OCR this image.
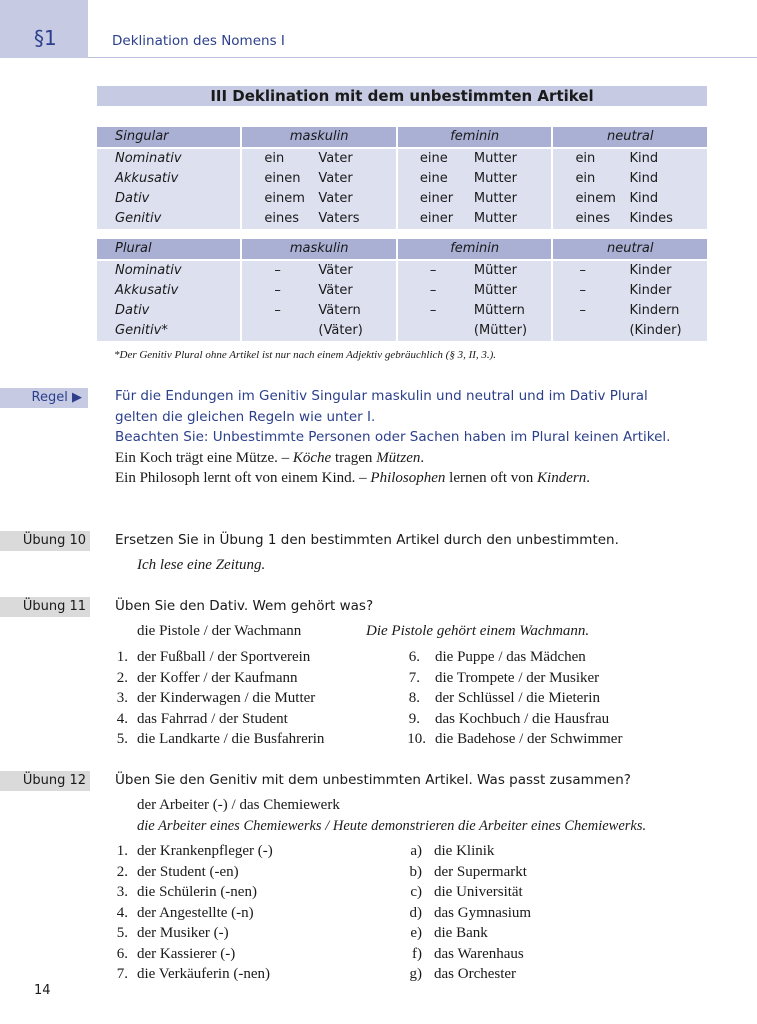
§1	Deklination des Nomens I
III Deklination mit dem unbestimmten Artikel
Singular	maskulin	feminin	neutral
Nominativ	ein Vater	eine Mutter	ein Kind

Akkusativ	einen Vater	eine Mutter	ein Kind

Dativ	einem Vater	einer Mutter	einem Kind

Genitiv	eines Vaters	einer Mutter	eines Kindes
Plural	maskulin	feminin	neutral
Nominativ	– Väter	– Mütter	– Kinder

Akkusativ	– Väter	– Mütter	– Kinder

Dativ	– Vätern	– Müttern	– Kindern

Genitiv*	(Väter)	(Mütter)	(Kinder)
*Der Genitiv Plural ohne Artikel ist nur nach einem Adjektiv gebräuchlich (§ 3, II, 3.).
Regel ▶	Für die Endungen im Genitiv Singular maskulin und neutral und im Dativ Plural
gelten die gleichen Regeln wie unter I.
Beachten Sie: Unbestimmte Personen oder Sachen haben im Plural keinen Artikel.
Ein Koch trägt eine Mütze. – Köche tragen Mützen.
Ein Philosoph lernt oft von einem Kind. – Philosophen lernen oft von Kindern.
Übung 10 Ersetzen Sie in Übung 1 den bestimmten Artikel durch den unbestimmten.
Ich lese eine Zeitung.
Übung 11 Üben Sie den Dativ. Wem gehört was?
die Pistole / der Wachmann	Die Pistole gehört einem Wachmann.
1. der Fußball / der Sportverein
2. der Koffer / der Kaufmann
3. der Kinderwagen / die Mutter
4. das Fahrrad / der Student
5. die Landkarte / die Busfahrerin
6. die Puppe / das Mädchen
7. die Trompete / der Musiker
8. der Schlüssel / die Mieterin
9. das Kochbuch / die Hausfrau
10. die Badehose / der Schwimmer
Übung 12 Üben Sie den Genitiv mit dem unbestimmten Artikel. Was passt zusammen?
der Arbeiter (-) / das Chemiewerk
die Arbeiter eines Chemiewerks / Heute demonstrieren die Arbeiter eines Chemiewerks.
1. der Krankenpfleger (-)
2. der Student (-en)
3. die Schülerin (-nen)
4. der Angestellte (-n)
5. der Musiker (-)
6. der Kassierer (-)
7. die Verkäuferin (-nen)
a) die Klinik
b) der Supermarkt
c) die Universität
d) das Gymnasium
e) die Bank
f) das Warenhaus
g) das Orchester
14
